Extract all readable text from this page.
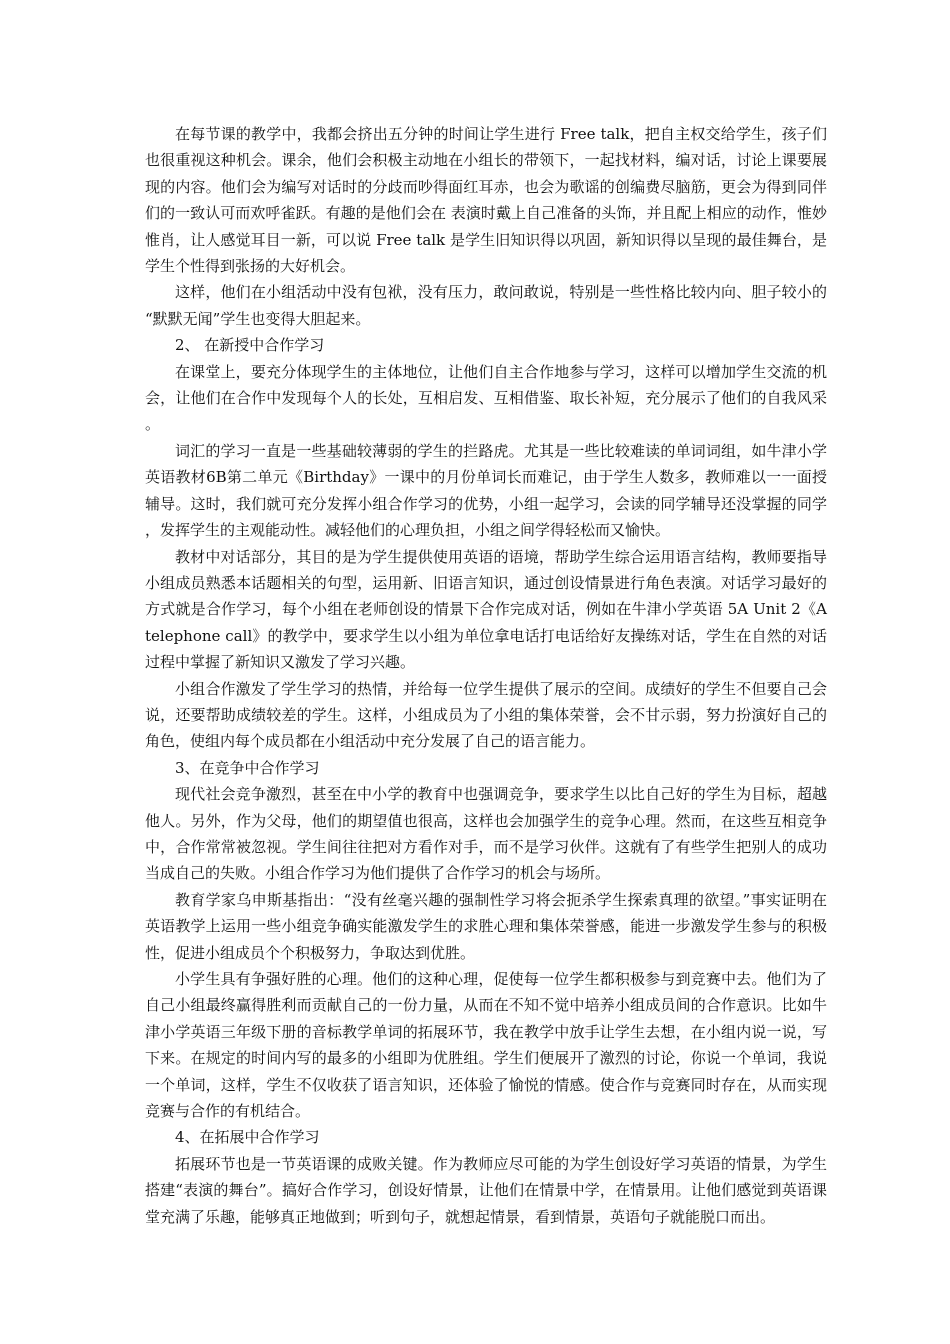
在每节课的教学中，我都会挤出五分钟的时间让学生进行 Free talk，把自主权交给学生，孩子们也很重视这种机会。课余，他们会积极主动地在小组长的带领下，一起找材料，编对话，讨论上课要展现的内容。他们会为编写对话时的分歧而吵得面红耳赤，也会为歌谣的创编费尽脑筋，更会为得到同伴们的一致认可而欢呼雀跃。有趣的是他们会在 表演时戴上自己准备的头饰，并且配上相应的动作，惟妙惟肖，让人感觉耳目一新，可以说 Free talk 是学生旧知识得以巩固，新知识得以呈现的最佳舞台，是学生个性得到张扬的大好机会。

这样，他们在小组活动中没有包袱，没有压力，敢问敢说，特别是一些性格比较内向、胆子较小的“默默无闻”学生也变得大胆起来。

2、 在新授中合作学习

在课堂上，要充分体现学生的主体地位，让他们自主合作地参与学习，这样可以增加学生交流的机会，让他们在合作中发现每个人的长处，互相启发、互相借鉴、取长补短，充分展示了他们的自我风采。

词汇的学习一直是一些基础较薄弱的学生的拦路虎。尤其是一些比较难读的单词词组，如牛津小学英语教材6B第二单元《Birthday》一课中的月份单词长而难记，由于学生人数多，教师难以一一面授辅导。这时，我们就可充分发挥小组合作学习的优势，小组一起学习，会读的同学辅导还没掌握的同学，发挥学生的主观能动性。减轻他们的心理负担，小组之间学得轻松而又愉快。

教材中对话部分，其目的是为学生提供使用英语的语境，帮助学生综合运用语言结构，教师要指导小组成员熟悉本话题相关的句型，运用新、旧语言知识，通过创设情景进行角色表演。对话学习最好的方式就是合作学习，每个小组在老师创设的情景下合作完成对话，例如在牛津小学英语 5A Unit 2《A telephone call》的教学中，要求学生以小组为单位拿电话打电话给好友操练对话，学生在自然的对话过程中掌握了新知识又激发了学习兴趣。

小组合作激发了学生学习的热情，并给每一位学生提供了展示的空间。成绩好的学生不但要自己会说，还要帮助成绩较差的学生。这样，小组成员为了小组的集体荣誉，会不甘示弱，努力扮演好自己的角色，使组内每个成员都在小组活动中充分发展了自己的语言能力。

3、在竞争中合作学习

现代社会竞争激烈，甚至在中小学的教育中也强调竞争，要求学生以比自己好的学生为目标，超越他人。另外，作为父母，他们的期望值也很高，这样也会加强学生的竞争心理。然而，在这些互相竞争中，合作常常被忽视。学生间往往把对方看作对手，而不是学习伙伴。这就有了有些学生把别人的成功当成自己的失败。小组合作学习为他们提供了合作学习的机会与场所。

教育学家乌申斯基指出：“没有丝毫兴趣的强制性学习将会扼杀学生探索真理的欲望。”事实证明在英语教学上运用一些小组竞争确实能激发学生的求胜心理和集体荣誉感，能进一步激发学生参与的积极性，促进小组成员个个积极努力，争取达到优胜。

小学生具有争强好胜的心理。他们的这种心理，促使每一位学生都积极参与到竞赛中去。他们为了自己小组最终赢得胜利而贡献自己的一份力量，从而在不知不觉中培养小组成员间的合作意识。比如牛津小学英语三年级下册的音标教学单词的拓展环节，我在教学中放手让学生去想，在小组内说一说，写下来。在规定的时间内写的最多的小组即为优胜组。学生们便展开了激烈的讨论，你说一个单词，我说一个单词，这样，学生不仅收获了语言知识，还体验了愉悦的情感。使合作与竞赛同时存在，从而实现竞赛与合作的有机结合。

4、在拓展中合作学习

拓展环节也是一节英语课的成败关键。作为教师应尽可能的为学生创设好学习英语的情景，为学生搭建“表演的舞台”。搞好合作学习，创设好情景，让他们在情景中学，在情景用。让他们感觉到英语课堂充满了乐趣，能够真正地做到；听到句子，就想起情景，看到情景，英语句子就能脱口而出。
